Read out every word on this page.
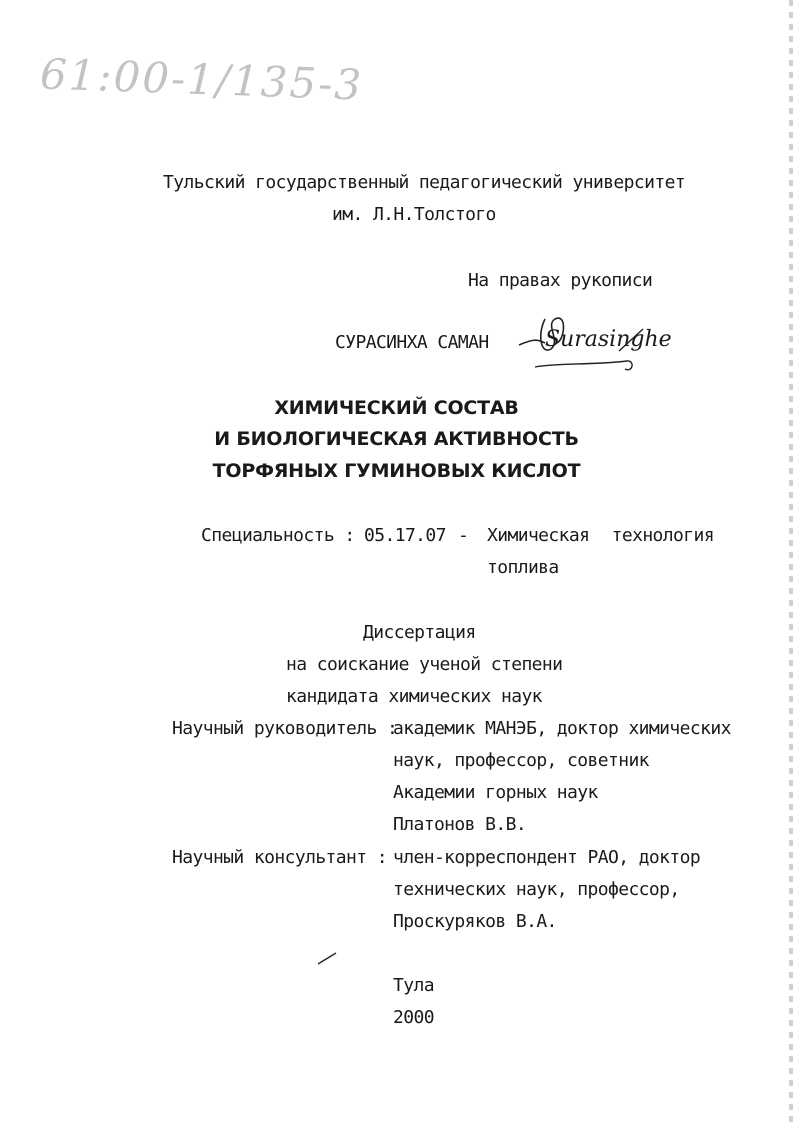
61:00-1/135-3
Тульский государственный педагогический университет
им. Л.Н.Толстого
На правах рукописи
СУРАСИНХА САМАН	Surasinghe
ХИМИЧЕСКИЙ СОСТАВ
И БИОЛОГИЧЕСКАЯ АКТИВНОСТЬ
ТОРФЯНЫХ ГУМИНОВЫХ КИСЛОТ
Специальность : 05.17.07 - Химическая технология
топлива
Диссертация
на соискание ученой степени
кандидата химических наук
Научный руководитель :
академик МАНЭБ, доктор химических
наук, профессор, советник
Академии горных наук
Платонов В.В.
Научный консультант : член-корреспондент РАО, доктор
технических наук, профессор,
Проскуряков В.А.
Тула
2000
